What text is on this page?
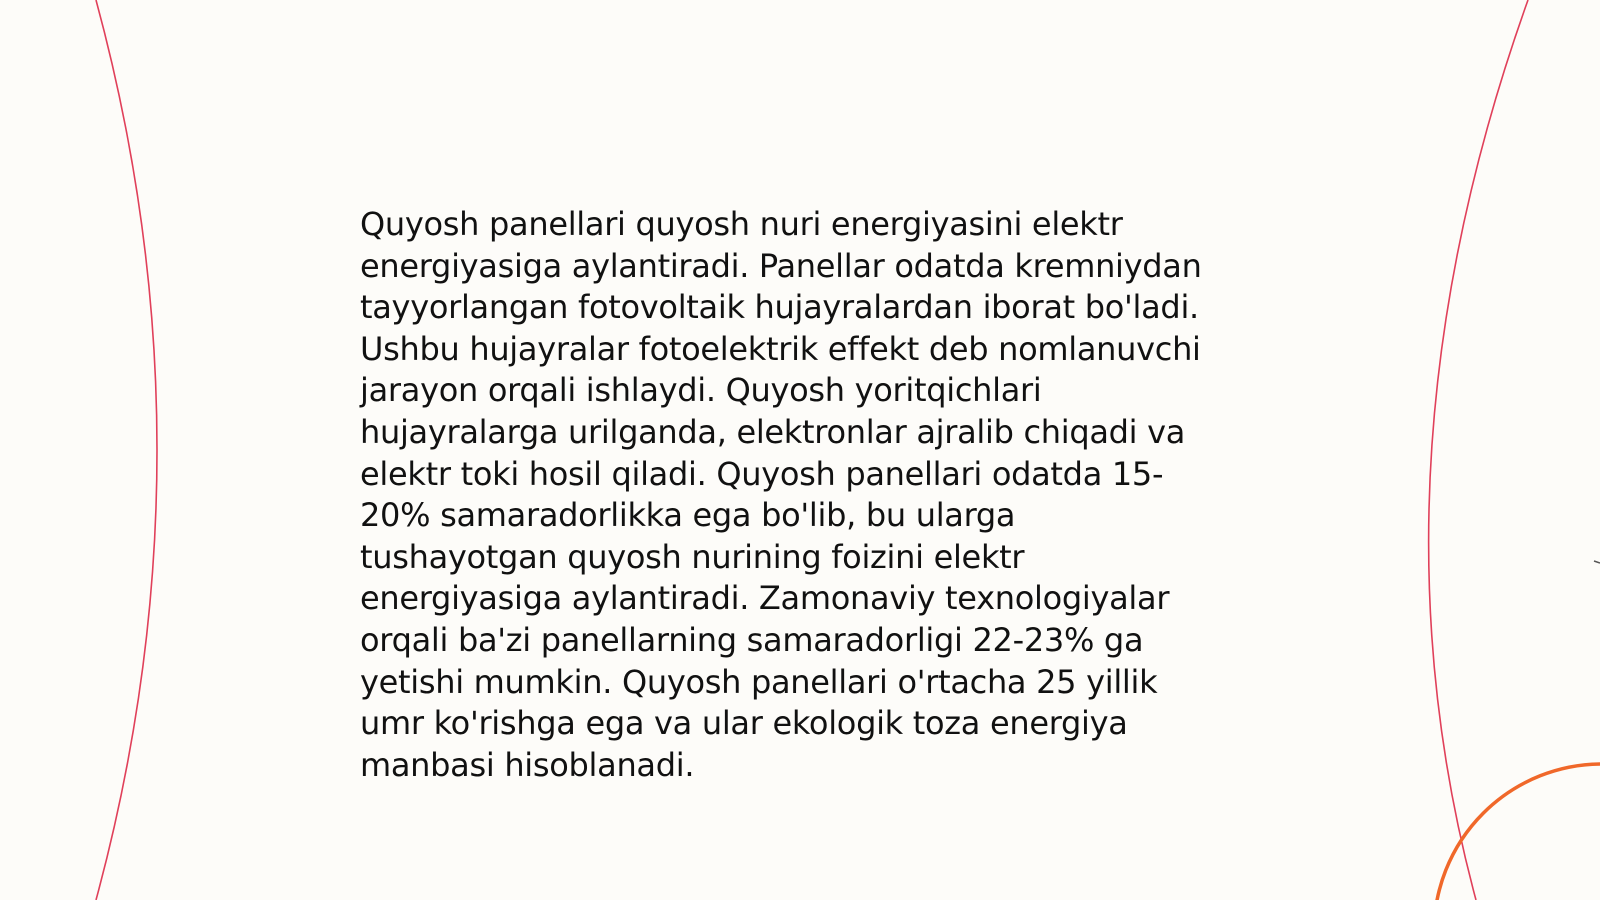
Quyosh panellari quyosh nuri energiyasini elektr
energiyasiga aylantiradi. Panellar odatda kremniydan
tayyorlangan fotovoltaik hujayralardan iborat bo'ladi.
Ushbu hujayralar fotoelektrik effekt deb nomlanuvchi
jarayon orqali ishlaydi. Quyosh yoritqichlari
hujayralarga urilganda, elektronlar ajralib chiqadi va
elektr toki hosil qiladi. Quyosh panellari odatda 15-
20% samaradorlikka ega bo'lib, bu ularga
tushayotgan quyosh nurining foizini elektr
energiyasiga aylantiradi. Zamonaviy texnologiyalar
orqali ba'zi panellarning samaradorligi 22-23% ga
yetishi mumkin. Quyosh panellari o'rtacha 25 yillik
umr ko'rishga ega va ular ekologik toza energiya
manbasi hisoblanadi.
